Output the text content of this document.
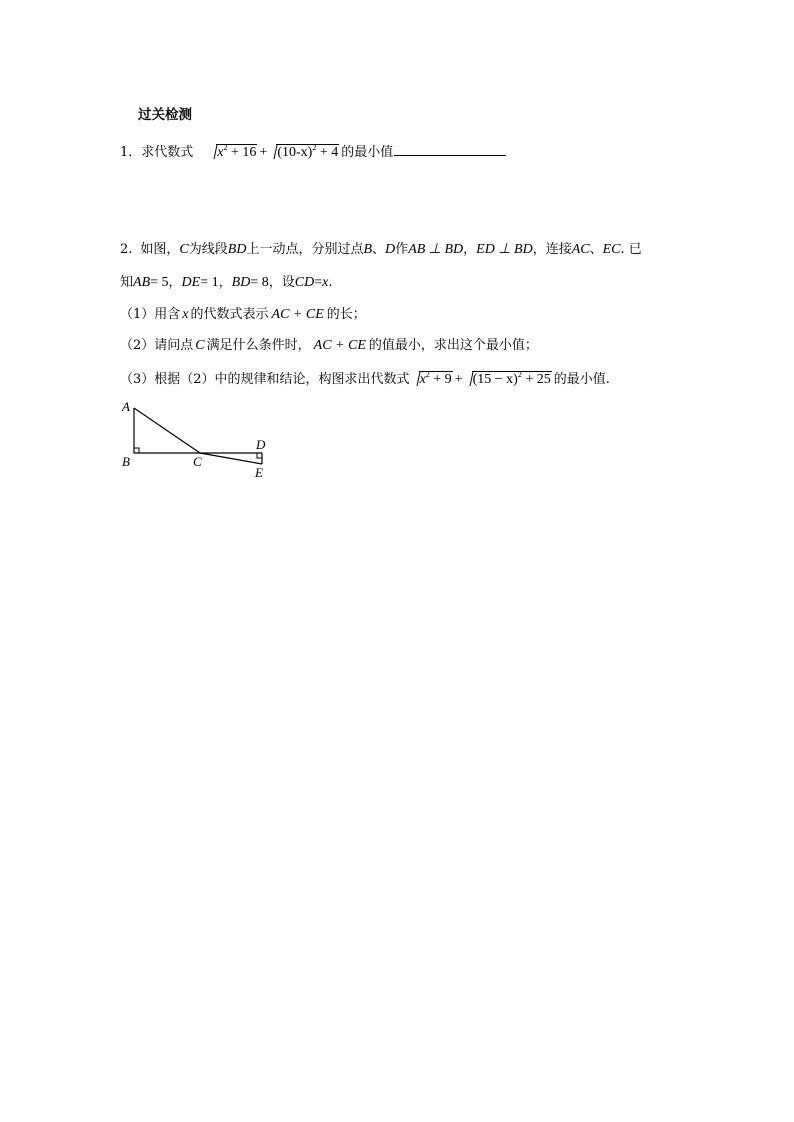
过关检测
1． 求代数式	$x^2 + 16 + (10-x)^2 + 4$ 的最小值
2. 如图， C 为线段 BD 上一动点，分别过点 B 、 D 作 AB ⊥ BD ， ED ⊥ BD ，连接 AC 、 EC . 已
知 AB = 5 ， DE = 1 ， BD = 8 ，设 CD = x .
（1） 用含 x 的代数式表示 AC + CE 的长；
（2） 请问点 C 满足什么条件时， AC + CE 的值最小，求出这个最小值；
（3） 根据（2）中的规律和结论，构图求出代数式 $x^2 + 9 + (15 - x)^2 + 25$ 的最小值.
A
B	C
D
E
